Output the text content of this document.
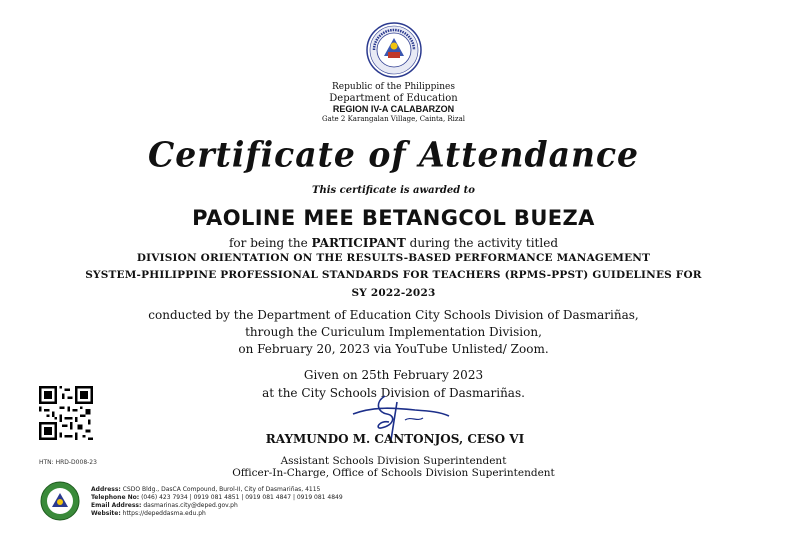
Republic of the Philippines
Department of Education
REGION IV-A CALABARZON
Gate 2 Karangalan Village, Cainta, Rizal
Certificate of Attendance
This certificate is awarded to
PAOLINE MEE BETANGCOL BUEZA
for being the PARTICIPANT during the activity titled
DIVISION ORIENTATION ON THE RESULTS-BASED PERFORMANCE MANAGEMENT
SYSTEM-PHILIPPINE PROFESSIONAL STANDARDS FOR TEACHERS (RPMS-PPST) GUIDELINES FOR
SY 2022-2023
conducted by the Department of Education City Schools Division of Dasmariñas,
through the Curiculum Implementation Division,
on February 20, 2023 via YouTube Unlisted/ Zoom.
Given on 25th February 2023
at the City Schools Division of Dasmariñas.
RAYMUNDO M. CANTONJOS, CESO VI
Assistant Schools Division Superintendent
Officer-In-Charge, Office of Schools Division Superintendent
HTN: HRD-D008-23
Address: CSDO Bldg., DasCA Compound, Burol-II, City of Dasmariñas, 4115
Telephone No: (046) 423 7934 | 0919 081 4851 | 0919 081 4847 | 0919 081 4849
Email Address: dasmarinas.city@deped.gov.ph
Website: https://depeddasma.edu.ph
